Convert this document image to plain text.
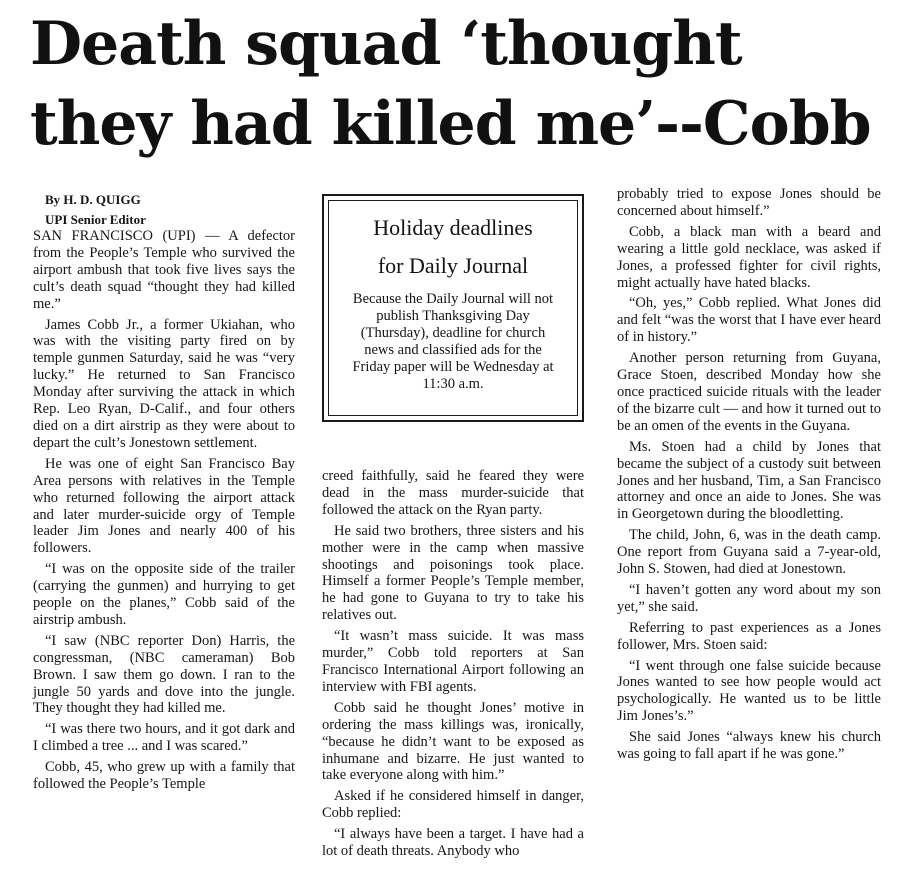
Death squad ‘thought
they had killed me’--Cobb

By H. D. QUIGG

UPI Senior Editor

SAN FRANCISCO (UPI) — A defector from the People’s Temple who survived the airport ambush that took five lives says the cult’s death squad “thought they had killed me.”

James Cobb Jr., a former Ukiahan, who was with the visiting party fired on by temple gunmen Saturday, said he was “very lucky.” He returned to San Francisco Monday after surviving the attack in which Rep. Leo Ryan, D-Calif., and four others died on a dirt airstrip as they were about to depart the cult’s Jonestown settlement.

He was one of eight San Francisco Bay Area persons with relatives in the Temple who returned following the airport attack and later murder-suicide orgy of Temple leader Jim Jones and nearly 400 of his followers.

“I was on the opposite side of the trailer (carrying the gunmen) and hurrying to get people on the planes,” Cobb said of the airstrip ambush.

“I saw (NBC reporter Don) Harris, the congressman, (NBC cameraman) Bob Brown. I saw them go down. I ran to the jungle 50 yards and dove into the jungle. They thought they had killed me.

“I was there two hours, and it got dark and I climbed a tree ... and I was scared.”

Cobb, 45, who grew up with a family that followed the People’s Temple

Holiday deadlines
for Daily Journal

Because the Daily Journal will not publish Thanksgiving Day (Thursday), deadline for church news and classified ads for the Friday paper will be Wednesday at 11:30 a.m.

creed faithfully, said he feared they were dead in the mass murder-suicide that followed the attack on the Ryan party.

He said two brothers, three sisters and his mother were in the camp when massive shootings and poisonings took place. Himself a former People’s Temple member, he had gone to Guyana to try to take his relatives out.

“It wasn’t mass suicide. It was mass murder,” Cobb told reporters at San Francisco International Airport following an interview with FBI agents.

Cobb said he thought Jones’ motive in ordering the mass killings was, ironically, “because he didn’t want to be exposed as inhumane and bizarre. He just wanted to take everyone along with him.”

Asked if he considered himself in danger, Cobb replied:

“I always have been a target. I have had a lot of death threats. Anybody who

probably tried to expose Jones should be concerned about himself.”

Cobb, a black man with a beard and wearing a little gold necklace, was asked if Jones, a professed fighter for civil rights, might actually have hated blacks.

“Oh, yes,” Cobb replied. What Jones did and felt “was the worst that I have ever heard of in history.”

Another person returning from Guyana, Grace Stoen, described Monday how she once practiced suicide rituals with the leader of the bizarre cult — and how it turned out to be an omen of the events in the Guyana.

Ms. Stoen had a child by Jones that became the subject of a custody suit between Jones and her husband, Tim, a San Francisco attorney and once an aide to Jones. She was in Georgetown during the bloodletting.

The child, John, 6, was in the death camp. One report from Guyana said a 7-year-old, John S. Stowen, had died at Jonestown.

“I haven’t gotten any word about my son yet,” she said.

Referring to past experiences as a Jones follower, Mrs. Stoen said:

“I went through one false suicide because Jones wanted to see how people would act psychologically. He wanted us to be little Jim Jones’s.”

She said Jones “always knew his church was going to fall apart if he was gone.”
